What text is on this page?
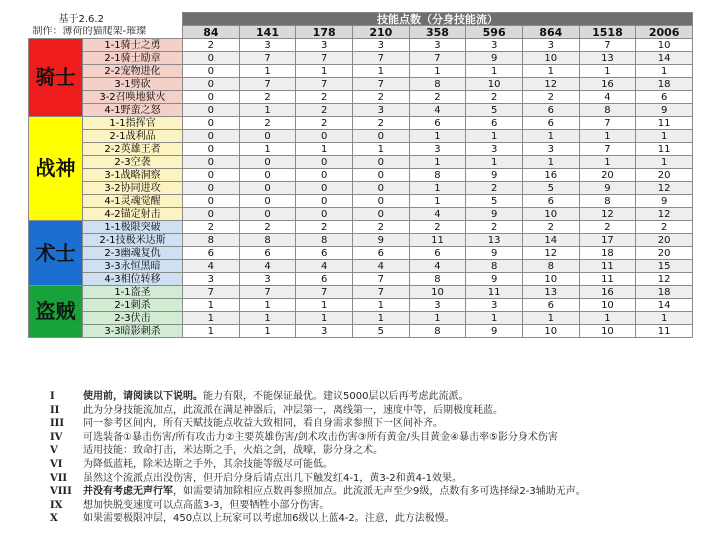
基于2.6.2		技能点数（分身技能流）								
制作：薄荷的猫爬架-璀璨		84	141	178	210	358	596	864	1518	2006
骑士	1-1骑士之勇	2	3	3	3	3	3	3	7	10
	2-1骑士励章	0	7	7	7	7	9	10	13	14
	2-2宠物进化	0	1	1	1	1	1	1	1	1
	3-1劈砍	0	7	7	7	8	10	12	16	18
	3-2召唤地狱火	0	2	2	2	2	2	2	4	6
	4-1野蛮之怒	0	1	2	3	4	5	6	8	9
战神	1-1指挥官	0	2	2	2	6	6	6	7	11
	2-1战利品	0	0	0	0	1	1	1	1	1
	2-2英雄王者	0	1	1	1	3	3	3	7	11
	2-3空袭	0	0	0	0	1	1	1	1	1
	3-1战略洞察	0	0	0	0	8	9	16	20	20
	3-2协同进攻	0	0	0	0	1	2	5	9	12
	4-1灵魂觉醒	0	0	0	0	1	5	6	8	9
	4-2锚定射击	0	0	0	0	4	9	10	12	12
术士	1-1极限突破	2	2	2	2	2	2	2	2	2
	2-1技极米达斯	8	8	8	9	11	13	14	17	20
	2-3幽魂复仇	6	6	6	6	6	9	12	18	20
	3-3永恒黑暗	4	4	4	4	4	8	8	11	15
	4-3相位转移	3	3	6	7	8	9	10	11	12
盗贼	1-1盗圣	7	7	7	7	10	11	13	16	18
	2-1刺杀	1	1	1	1	3	3	6	10	14
	2-3伏击	1	1	1	1	1	1	1	1	1
	3-3暗影刺杀	1	1	3	5	8	9	10	10	11
I	使用前，请阅读以下说明。能力有限，不能保证最优。建议5000层以后再考虑此流派。
II	此为分身技能流加点，此流派在满足神器后，冲层第一，离线第一，速度中等，后期极度耗蓝。
III	同一参考区间内，所有天赋技能点收益大致相同，看自身需求参照下一区间补齐。
IV	可选装备①暴击伤害/所有攻击力②主要英雄伤害/剑术攻击伤害③所有黄金/头目黄金④暴击率⑤影分身术伤害
V	适用技能：致命打击，米达斯之手，火焰之剑，战嚎，影分身之术。
VI	为降低蓝耗，除米达斯之手外，其余技能等级尽可能低。
VII	虽然这个流派点出没伤害，但开启分身后请点出几下触发红4-1，黄3-2和黄4-1效果。
VIII	并没有考虑无声行军，如需要请加除相应点数再参照加点。此流派无声至少9级，点数有多可选择绿2-3辅助无声。
IX	想加快脱变速度可以点高蓝3-3，但要牺牲小部分伤害。
X	如果需要极限冲层，450点以上玩家可以考虑加6级以上蓝4-2。注意，此方法极慢。
